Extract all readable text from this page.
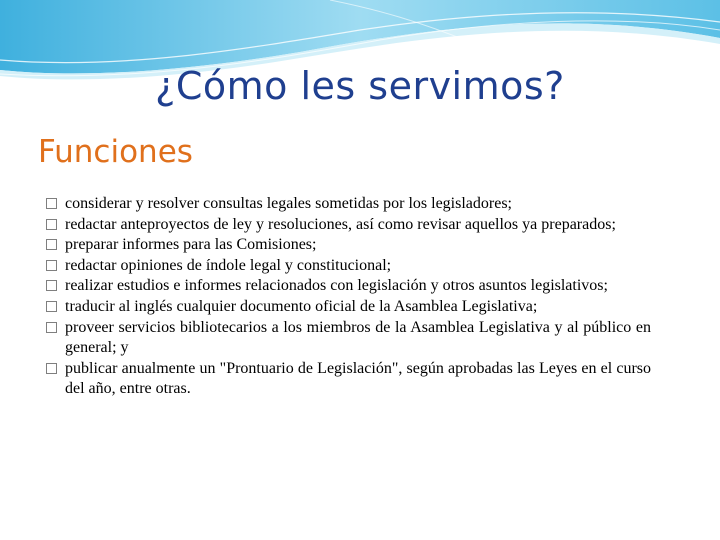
¿Cómo les servimos?
Funciones
considerar y resolver consultas legales sometidas por los legisladores;
redactar anteproyectos de ley y resoluciones, así como revisar aquellos ya preparados;
preparar informes para las Comisiones;
redactar opiniones de índole legal y constitucional;
realizar estudios e informes relacionados con legislación y otros asuntos legislativos;
traducir al inglés cualquier documento oficial de la Asamblea Legislativa;
proveer servicios bibliotecarios a los miembros de la Asamblea Legislativa y al público en general; y
publicar anualmente un "Prontuario de Legislación", según aprobadas las Leyes en el curso del año, entre otras.
